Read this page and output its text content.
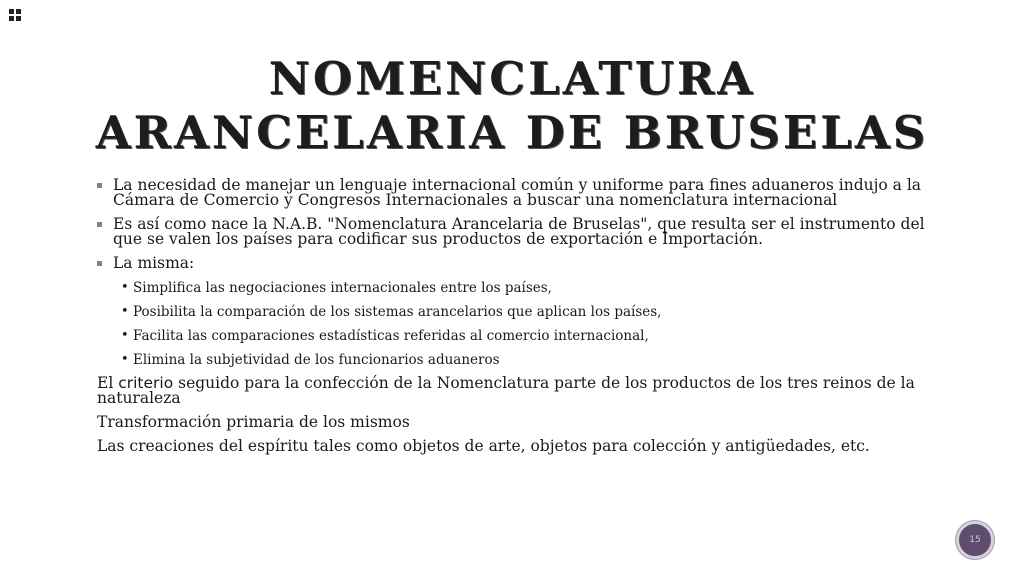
NOMENCLATURA
ARANCELARIA DE BRUSELAS
La necesidad de manejar un lenguaje internacional común y uniforme para fines aduaneros indujo a la Cámara de Comercio y Congresos Internacionales a buscar una nomenclatura internacional
Es así como nace la N.A.B. "Nomenclatura Arancelaria de Bruselas", que resulta ser el instrumento del que se valen los países para codificar sus productos de exportación e Importación.
La misma:
• Simplifica las negociaciones internacionales entre los países,
• Posibilita la comparación de los sistemas arancelarios que aplican los países,
• Facilita las comparaciones estadísticas referidas al comercio internacional,
• Elimina la subjetividad de los funcionarios aduaneros
El criterio seguido para la confección de la Nomenclatura parte de los productos de los tres reinos de la naturaleza
Transformación primaria de los mismos
Las creaciones del espíritu tales como objetos de arte, objetos para colección y antigüedades, etc.
15
